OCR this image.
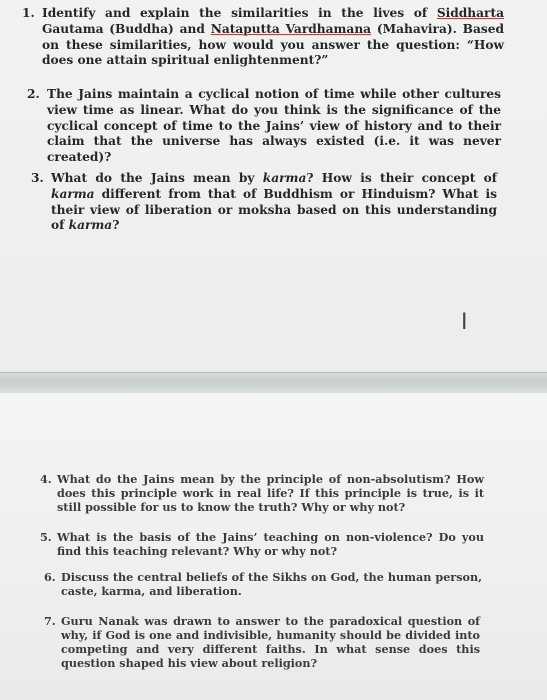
1. Identify and explain the similarities in the lives of Siddharta Gautama (Buddha) and Nataputta Vardhamana (Mahavira). Based on these similarities, how would you answer the question: “How does one attain spiritual enlightenment?”
2. The Jains maintain a cyclical notion of time while other cultures view time as linear. What do you think is the significance of the cyclical concept of time to the Jains’ view of history and to their claim that the universe has always existed (i.e. it was never created)?
3. What do the Jains mean by karma? How is their concept of karma different from that of Buddhism or Hinduism? What is their view of liberation or moksha based on this understanding of karma?
I
4. What do the Jains mean by the principle of non-absolutism? How does this principle work in real life? If this principle is true, is it still possible for us to know the truth? Why or why not?
5. What is the basis of the Jains’ teaching on non-violence? Do you find this teaching relevant? Why or why not?
6. Discuss the central beliefs of the Sikhs on God, the human person, caste, karma, and liberation.
7. Guru Nanak was drawn to answer to the paradoxical question of why, if God is one and indivisible, humanity should be divided into competing and very different faiths. In what sense does this question shaped his view about religion?
